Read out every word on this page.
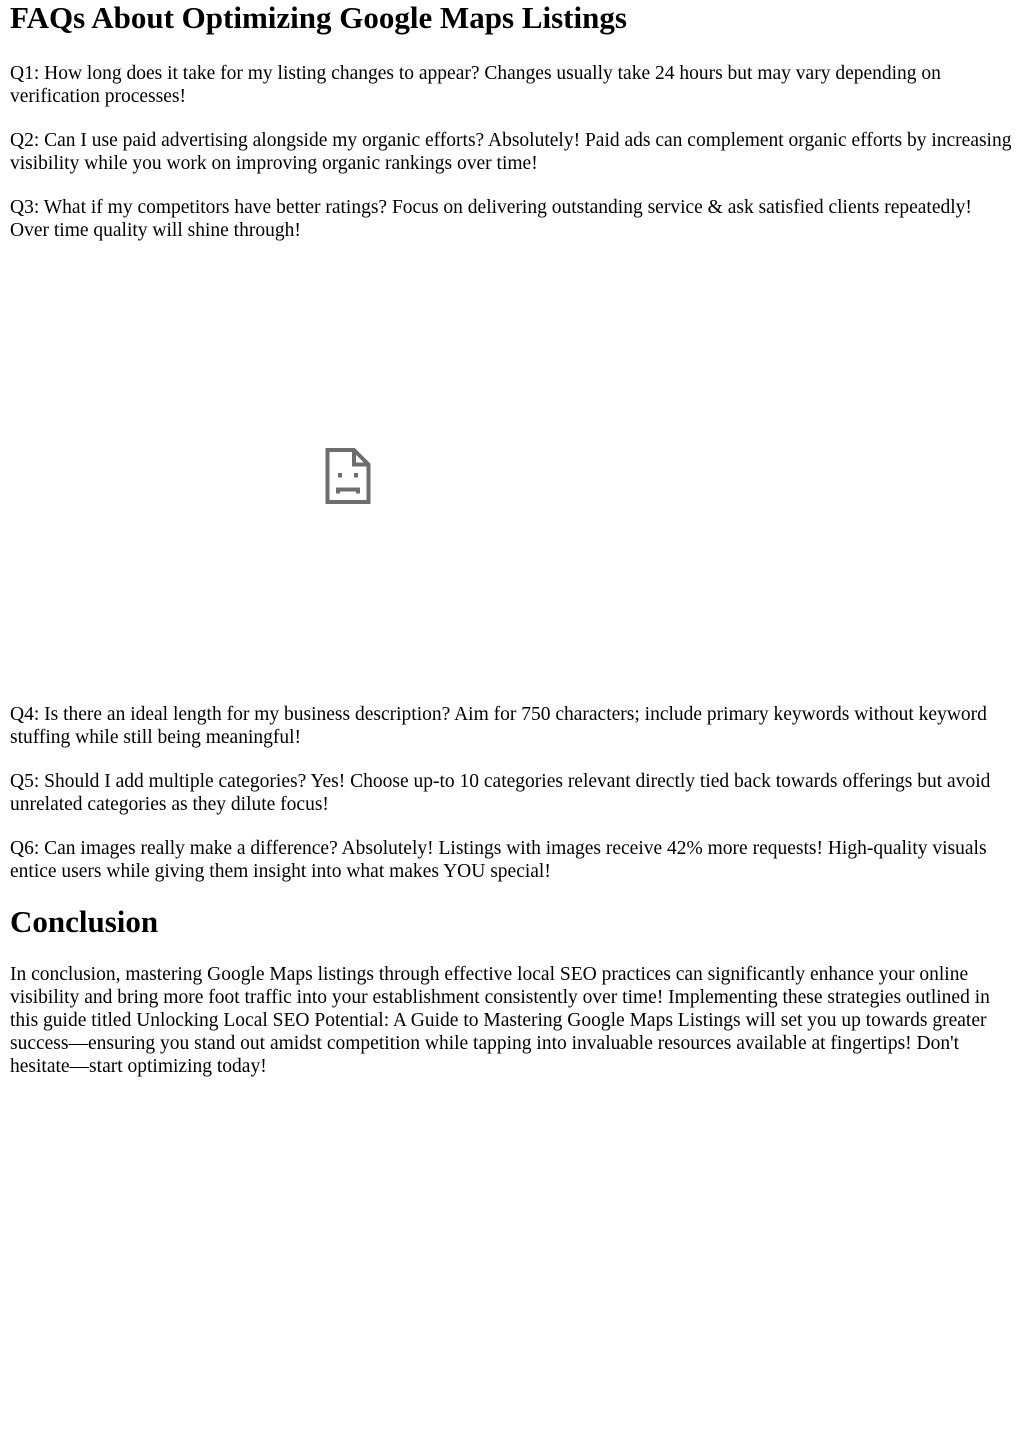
FAQs About Optimizing Google Maps Listings

Q1: How long does it take for my listing changes to appear? Changes usually take 24 hours but may vary depending on verification processes!

Q2: Can I use paid advertising alongside my organic efforts? Absolutely! Paid ads can complement organic efforts by increasing visibility while you work on improving organic rankings over time!

Q3: What if my competitors have better ratings? Focus on delivering outstanding service & ask satisfied clients repeatedly! Over time quality will shine through!

Q4: Is there an ideal length for my business description? Aim for 750 characters; include primary keywords without keyword stuffing while still being meaningful!

Q5: Should I add multiple categories? Yes! Choose up-to 10 categories relevant directly tied back towards offerings but avoid unrelated categories as they dilute focus!

Q6: Can images really make a difference? Absolutely! Listings with images receive 42% more requests! High-quality visuals entice users while giving them insight into what makes YOU special!

Conclusion

In conclusion, mastering Google Maps listings through effective local SEO practices can significantly enhance your online visibility and bring more foot traffic into your establishment consistently over time! Implementing these strategies outlined in this guide titled Unlocking Local SEO Potential: A Guide to Mastering Google Maps Listings will set you up towards greater success—ensuring you stand out amidst competition while tapping into invaluable resources available at fingertips! Don't hesitate—start optimizing today!
